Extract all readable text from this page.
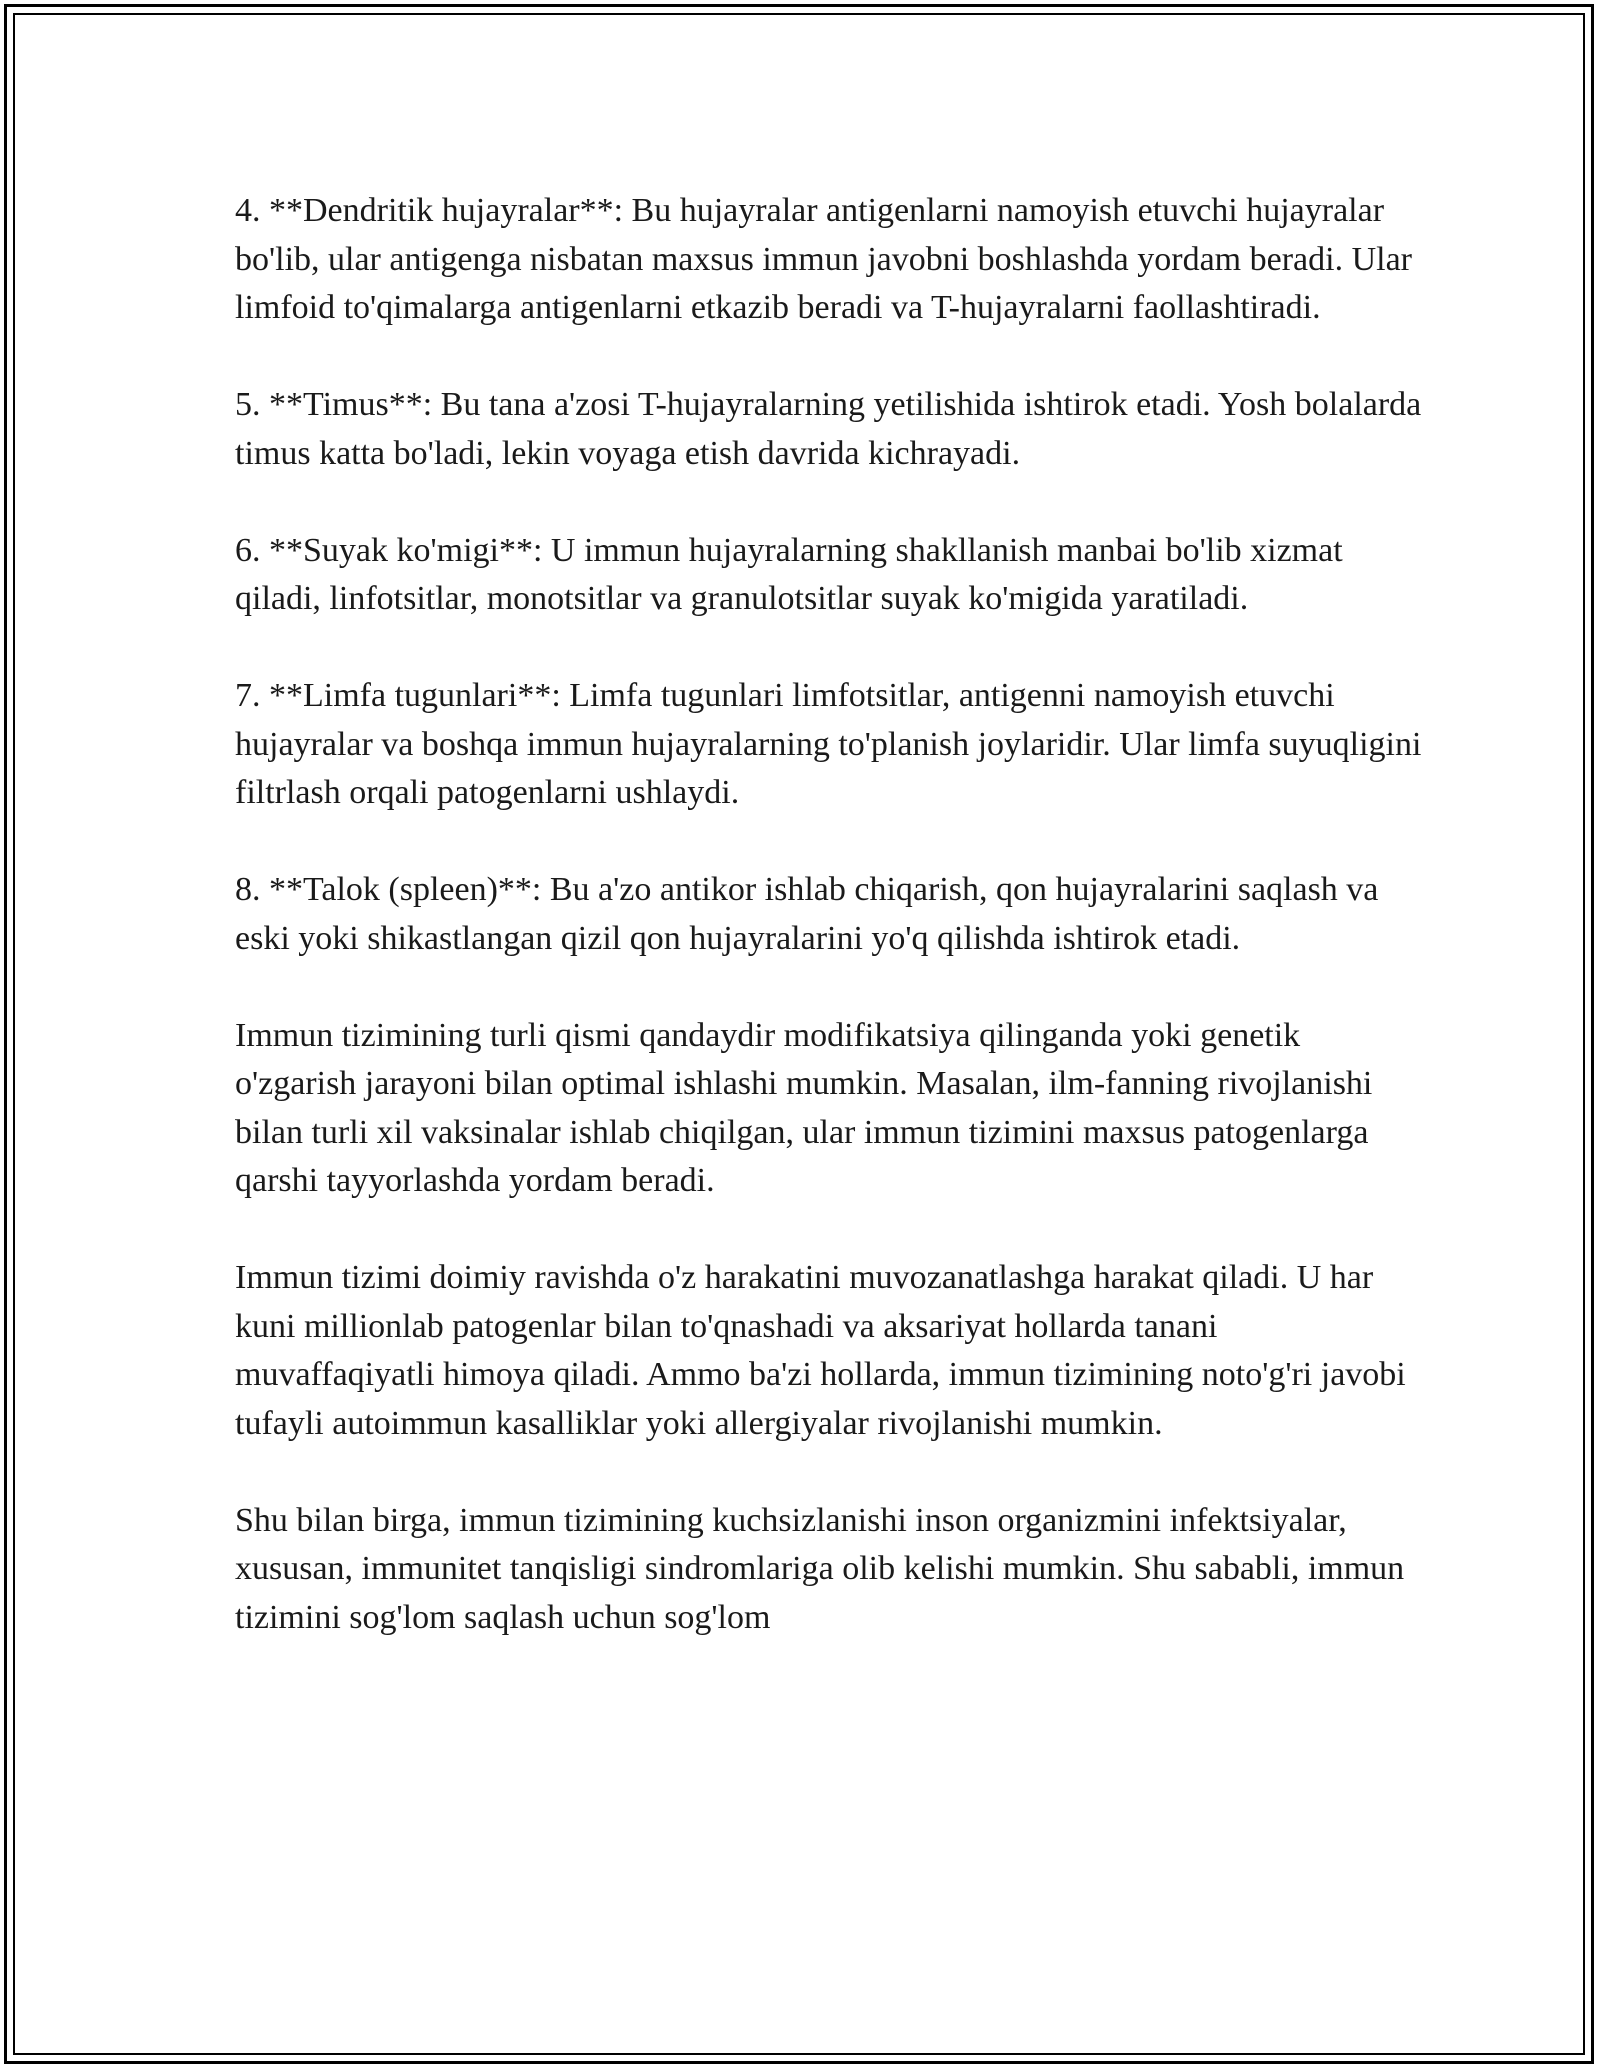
4. **Dendritik hujayralar**: Bu hujayralar antigenlarni namoyish etuvchi hujayralar bo'lib, ular antigenga nisbatan maxsus immun javobni boshlashda yordam beradi. Ular limfoid to'qimalarga antigenlarni etkazib beradi va T-hujayralarni faollashtiradi.

5. **Timus**: Bu tana a'zosi T-hujayralarning yetilishida ishtirok etadi. Yosh bolalarda timus katta bo'ladi, lekin voyaga etish davrida kichrayadi.

6. **Suyak ko'migi**: U immun hujayralarning shakllanish manbai bo'lib xizmat qiladi, linfotsitlar, monotsitlar va granulotsitlar suyak ko'migida yaratiladi.

7. **Limfa tugunlari**: Limfa tugunlari limfotsitlar, antigenni namoyish etuvchi hujayralar va boshqa immun hujayralarning to'planish joylaridir. Ular limfa suyuqligini filtrlash orqali patogenlarni ushlaydi.

8. **Talok (spleen)**: Bu a'zo antikor ishlab chiqarish, qon hujayralarini saqlash va eski yoki shikastlangan qizil qon hujayralarini yo'q qilishda ishtirok etadi.

Immun tizimining turli qismi qandaydir modifikatsiya qilinganda yoki genetik o'zgarish jarayoni bilan optimal ishlashi mumkin. Masalan, ilm-fanning rivojlanishi bilan turli xil vaksinalar ishlab chiqilgan, ular immun tizimini maxsus patogenlarga qarshi tayyorlashda yordam beradi.

Immun tizimi doimiy ravishda o'z harakatini muvozanatlashga harakat qiladi. U har kuni millionlab patogenlar bilan to'qnashadi va aksariyat hollarda tanani muvaffaqiyatli himoya qiladi. Ammo ba'zi hollarda, immun tizimining noto'g'ri javobi tufayli autoimmun kasalliklar yoki allergiyalar rivojlanishi mumkin.

Shu bilan birga, immun tizimining kuchsizlanishi inson organizmini infektsiyalar, xususan, immunitet tanqisligi sindromlariga olib kelishi mumkin. Shu sababli, immun tizimini sog'lom saqlash uchun sog'lom
